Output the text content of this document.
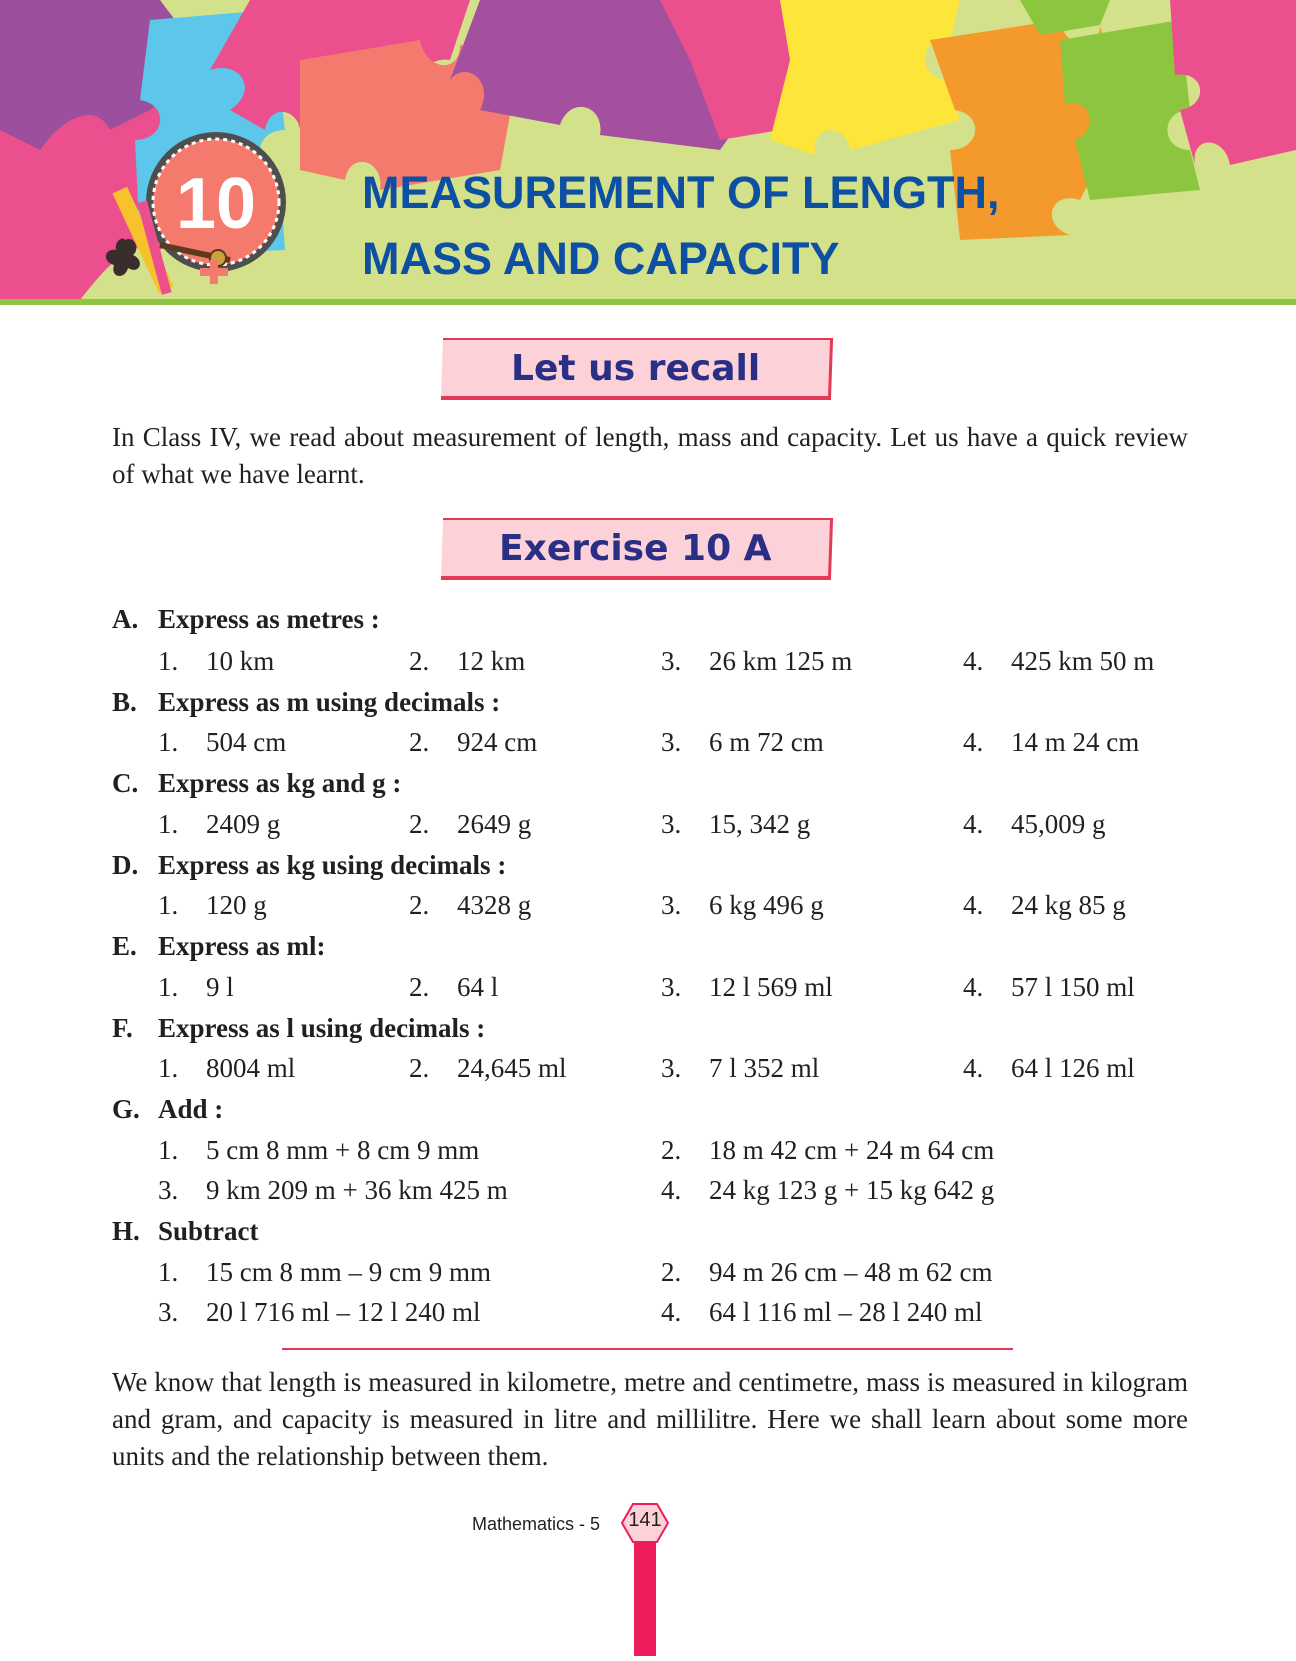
10 MEASUREMENT OF LENGTH,
MASS AND CAPACITY
Let us recall

In Class IV, we read about measurement of length, mass and capacity. Let us have a quick review of what we have learnt.

Exercise 10 A
A. Express as metres :
1. 10 km	2. 12 km	3. 26 km 125 m	4. 425 km 50 m
B. Express as m using decimals :
1. 504 cm	2. 924 cm	3. 6 m 72 cm	4. 14 m 24 cm
C. Express as kg and g :
1. 2409 g	2. 2649 g	3. 15, 342 g	4. 45,009 g
D. Express as kg using decimals :
1. 120 g	2. 4328 g	3. 6 kg 496 g	4. 24 kg 85 g
E. Express as ml:
1. 9 l	2. 64 l	3. 12 l 569 ml	4. 57 l 150 ml
F. Express as l using decimals :
1. 8004 ml	2. 24,645 ml	3. 7 l 352 ml	4. 64 l 126 ml
G. Add :
1. 5 cm 8 mm + 8 cm 9 mm	2. 18 m 42 cm + 24 m 64 cm
3. 9 km 209 m + 36 km 425 m	4. 24 kg 123 g + 15 kg 642 g
H. Subtract
1. 15 cm 8 mm – 9 cm 9 mm	2. 94 m 26 cm – 48 m 62 cm
3. 20 l 716 ml – 12 l 240 ml	4. 64 l 116 ml – 28 l 240 ml

We know that length is measured in kilometre, metre and centimetre, mass is measured in kilogram and gram, and capacity is measured in litre and millilitre. Here we shall learn about some more units and the relationship between them.

Mathematics - 5	141
